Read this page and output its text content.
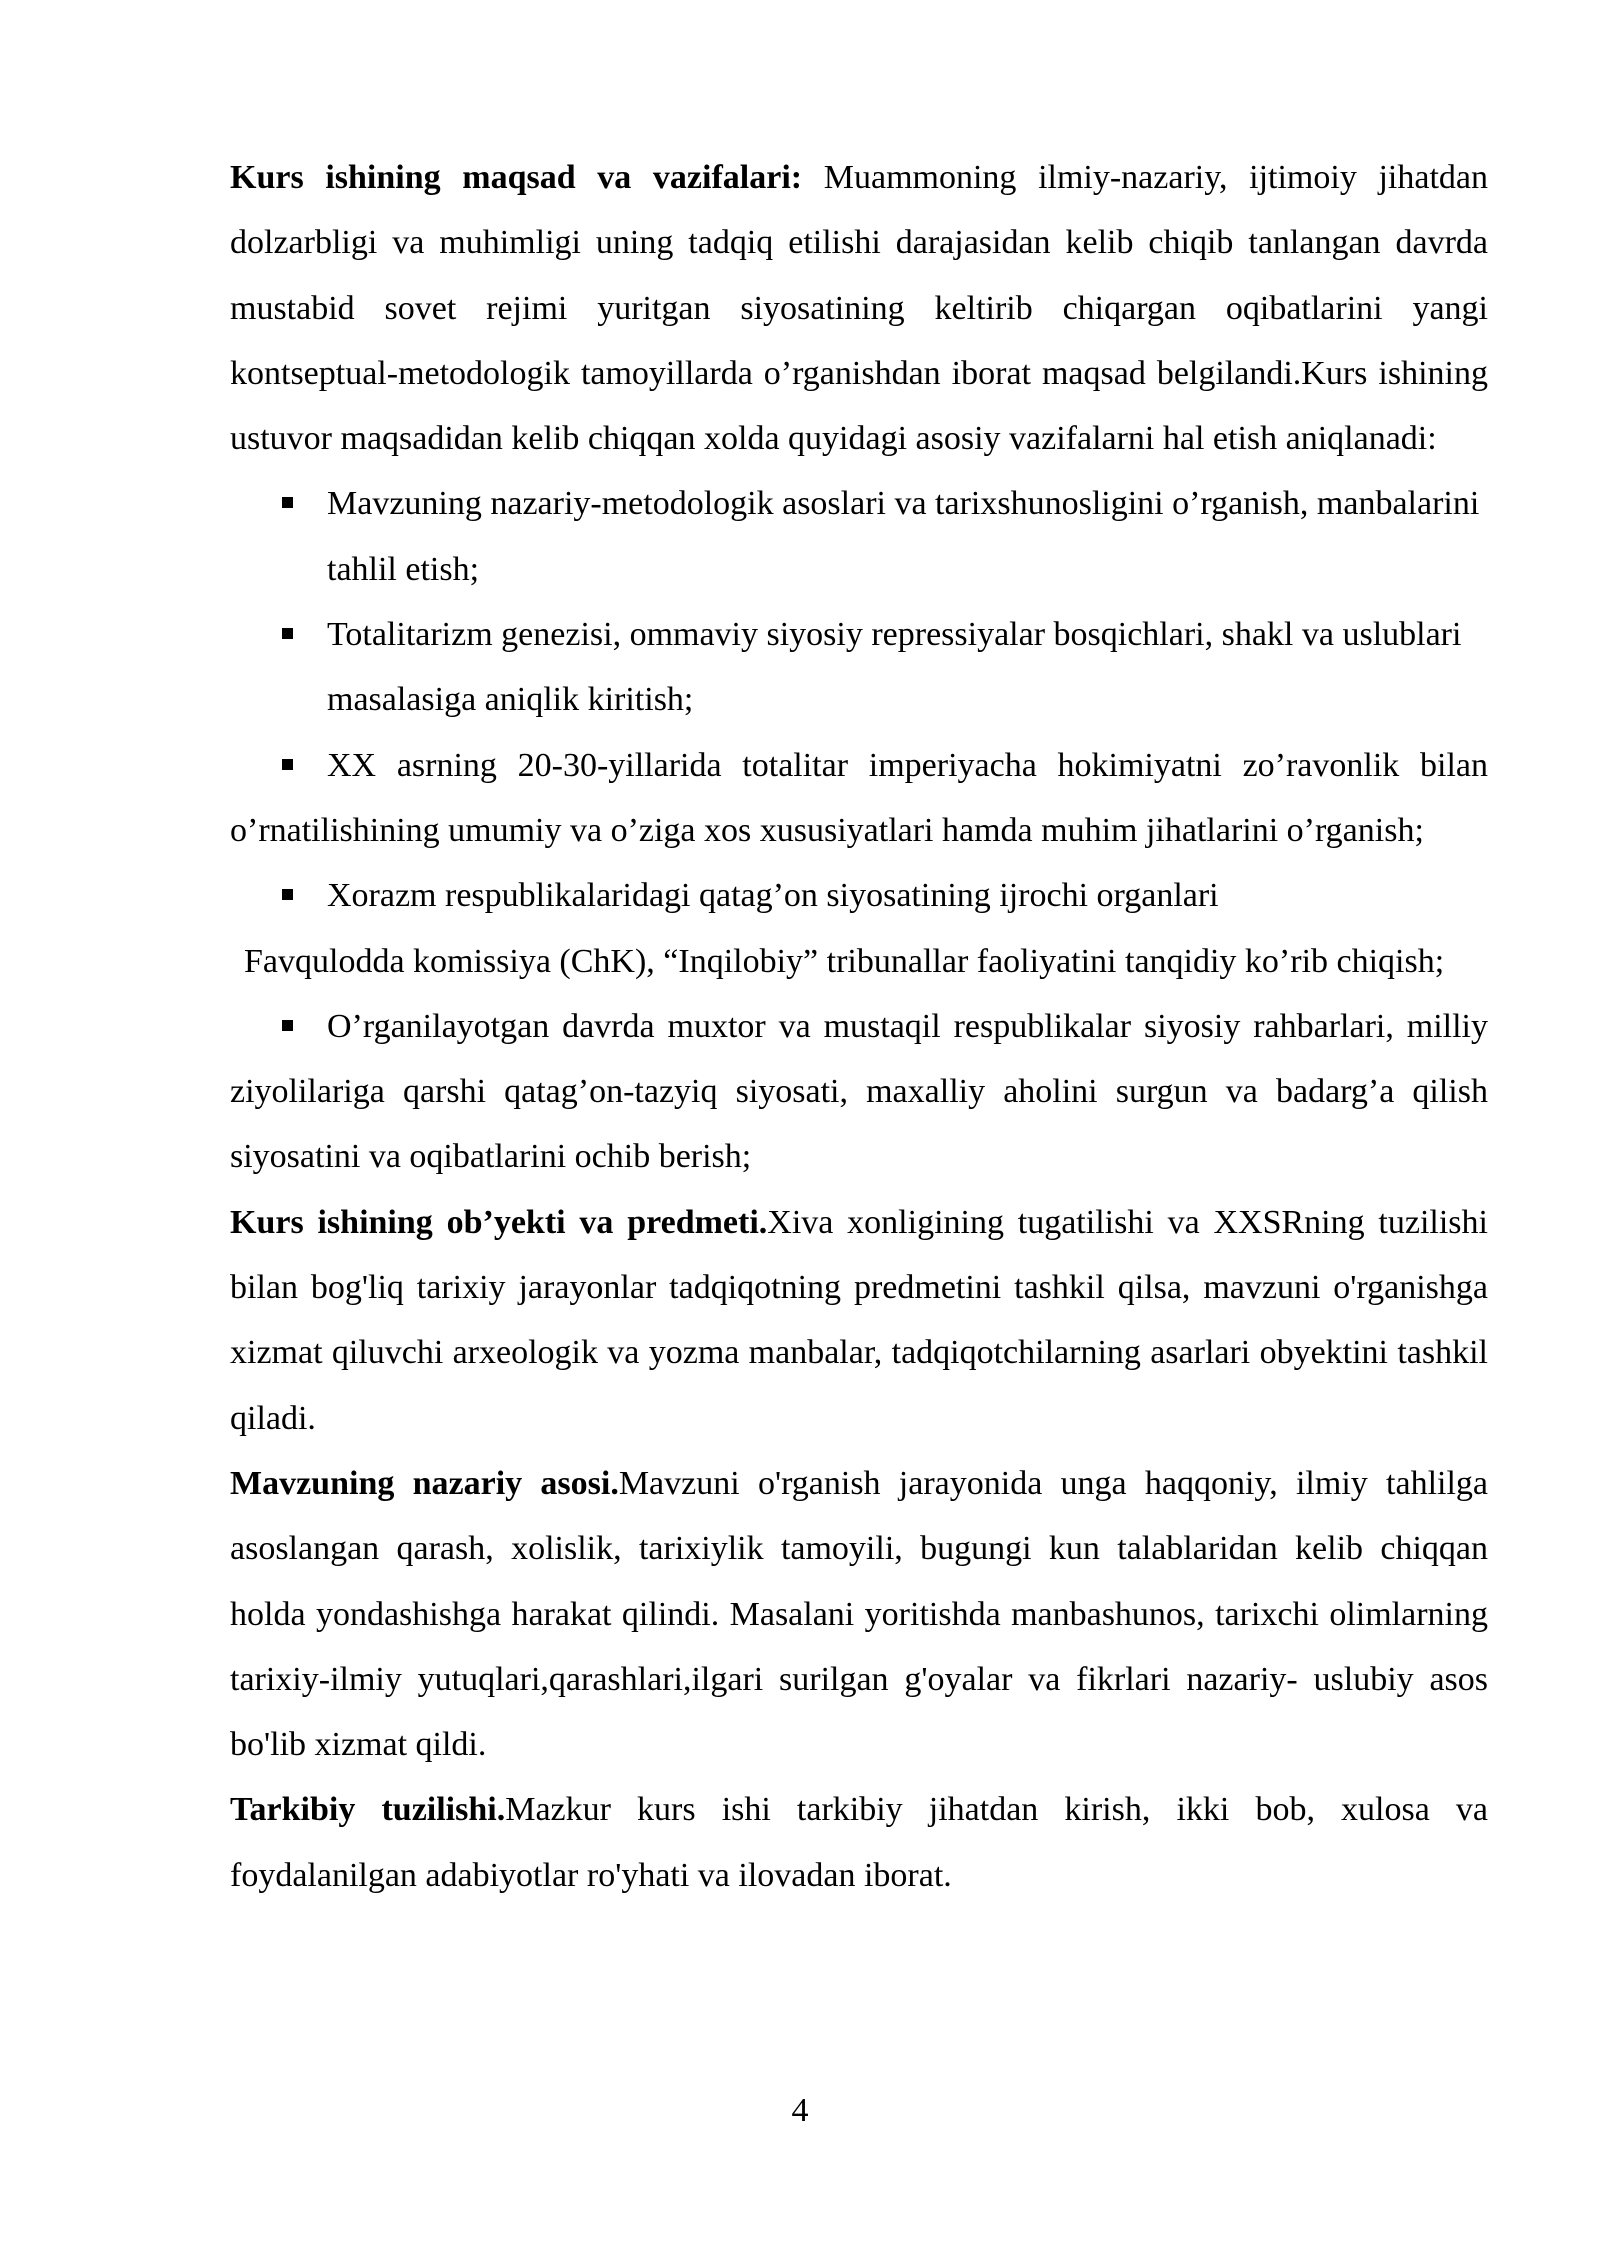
Kurs ishining maqsad va vazifalari: Muammoning ilmiy-nazariy, ijtimoiy jihatdan dolzarbligi va muhimligi uning tadqiq etilishi darajasidan kelib chiqib tanlangan davrda mustabid sovet rejimi yuritgan siyosatining keltirib chiqargan oqibatlarini yangi kontseptual-metodologik tamoyillarda o’rganishdan iborat maqsad belgilandi.Kurs ishining ustuvor maqsadidan kelib chiqqan xolda quyidagi asosiy vazifalarni hal etish aniqlanadi:

Mavzuning nazariy-metodologik asoslari va tarixshunosligini o’rganish, manbalarini tahlil etish;

Totalitarizm genezisi, ommaviy siyosiy repressiyalar bosqichlari, shakl va uslublari masalasiga aniqlik kiritish;

XX asrning 20-30-yillarida totalitar imperiyacha hokimiyatni zo’ravonlik bilan o’rnatilishining umumiy va o’ziga xos xususiyatlari hamda muhim jihatlarini o’rganish;

Xorazm respublikalaridagi qatag’on siyosatining ijrochi organlari

Favqulodda komissiya (ChK), “Inqilobiy” tribunallar faoliyatini tanqidiy ko’rib chiqish;

O’rganilayotgan davrda muxtor va mustaqil respublikalar siyosiy rahbarlari, milliy ziyolilariga qarshi qatag’on-tazyiq siyosati, maxalliy aholini surgun va badarg’a qilish siyosatini va oqibatlarini ochib berish;

Kurs ishining ob’yekti va predmeti.Xiva xonligining tugatilishi va XXSRning tuzilishi bilan bog'liq tarixiy jarayonlar tadqiqotning predmetini tashkil qilsa, mavzuni o'rganishga xizmat qiluvchi arxeologik va yozma manbalar, tadqiqotchilarning asarlari obyektini tashkil qiladi.

Mavzuning nazariy asosi.Mavzuni o'rganish jarayonida unga haqqoniy, ilmiy tahlilga asoslangan qarash, xolislik, tarixiylik tamoyili, bugungi kun talablaridan kelib chiqqan holda yondashishga harakat qilindi. Masalani yoritishda manbashunos, tarixchi olimlarning tarixiy-ilmiy yutuqlari,qarashlari,ilgari surilgan g'oyalar va fikrlari nazariy- uslubiy asos bo'lib xizmat qildi.

Tarkibiy tuzilishi.Mazkur kurs ishi tarkibiy jihatdan kirish, ikki bob, xulosa va foydalanilgan adabiyotlar ro'yhati va ilovadan iborat.

4
